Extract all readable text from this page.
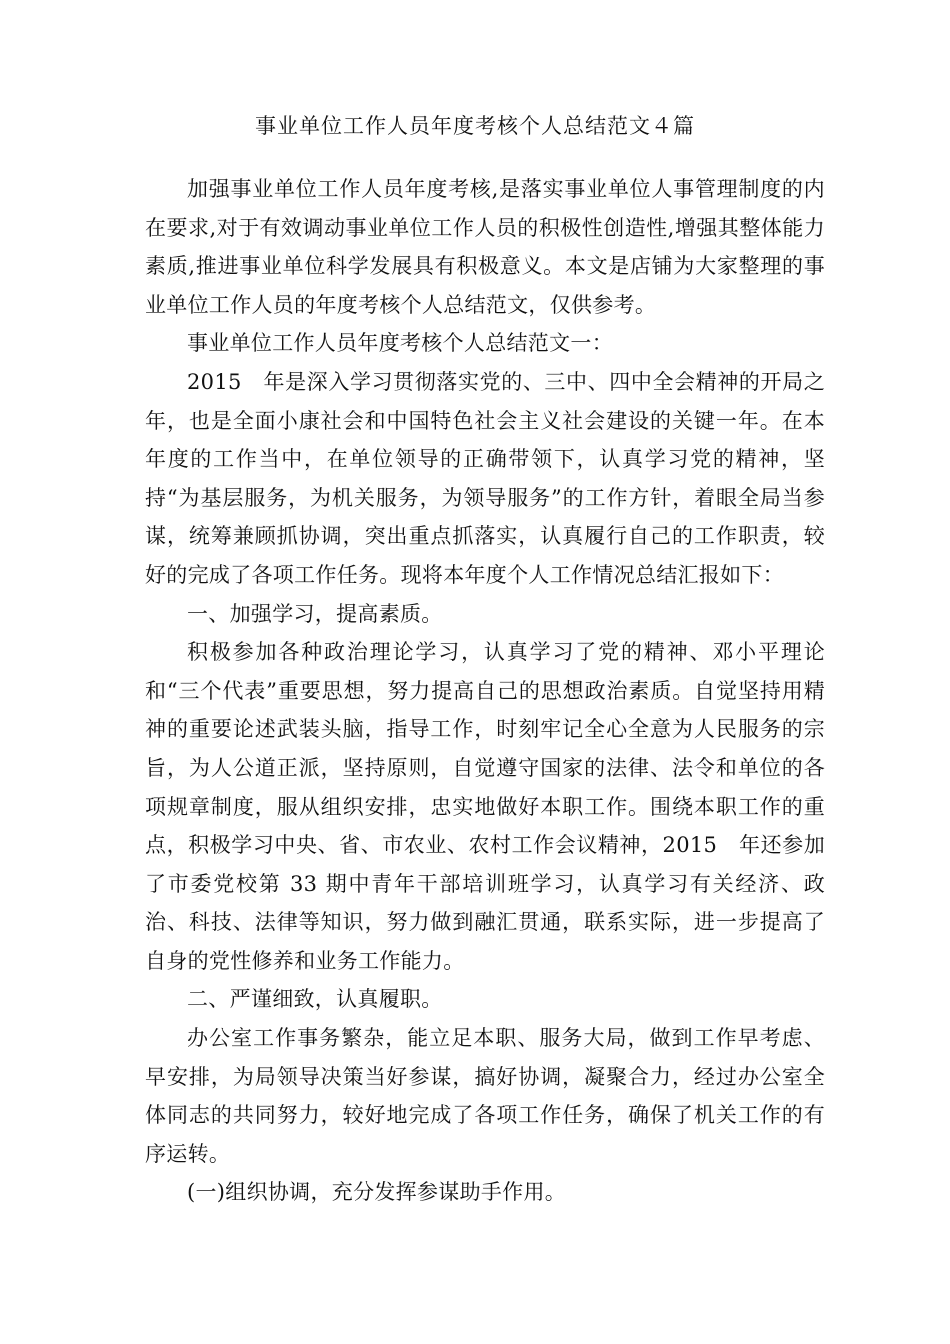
事业单位工作人员年度考核个人总结范文４篇

加强事业单位工作人员年度考核,是落实事业单位人事管理制度的内在要求,对于有效调动事业单位工作人员的积极性创造性,增强其整体能力素质,推进事业单位科学发展具有积极意义。本文是店铺为大家整理的事业单位工作人员的年度考核个人总结范文，仅供参考。

事业单位工作人员年度考核个人总结范文一：

2015　年是深入学习贯彻落实党的、三中、四中全会精神的开局之年，也是全面小康社会和中国特色社会主义社会建设的关键一年。在本年度的工作当中，在单位领导的正确带领下，认真学习党的精神，坚持“为基层服务，为机关服务，为领导服务”的工作方针，着眼全局当参谋，统筹兼顾抓协调，突出重点抓落实，认真履行自己的工作职责，较好的完成了各项工作任务。现将本年度个人工作情况总结汇报如下：

一、加强学习，提高素质。

积极参加各种政治理论学习，认真学习了党的精神、邓小平理论和“三个代表”重要思想，努力提高自己的思想政治素质。自觉坚持用精神的重要论述武装头脑，指导工作，时刻牢记全心全意为人民服务的宗旨，为人公道正派，坚持原则，自觉遵守国家的法律、法令和单位的各项规章制度，服从组织安排，忠实地做好本职工作。围绕本职工作的重点，积极学习中央、省、市农业、农村工作会议精神，2015　年还参加了市委党校第 33 期中青年干部培训班学习，认真学习有关经济、政治、科技、法律等知识，努力做到融汇贯通，联系实际，进一步提高了自身的党性修养和业务工作能力。

二、严谨细致，认真履职。

办公室工作事务繁杂，能立足本职、服务大局，做到工作早考虑、早安排，为局领导决策当好参谋，搞好协调，凝聚合力，经过办公室全体同志的共同努力，较好地完成了各项工作任务，确保了机关工作的有序运转。

(一)组织协调，充分发挥参谋助手作用。
